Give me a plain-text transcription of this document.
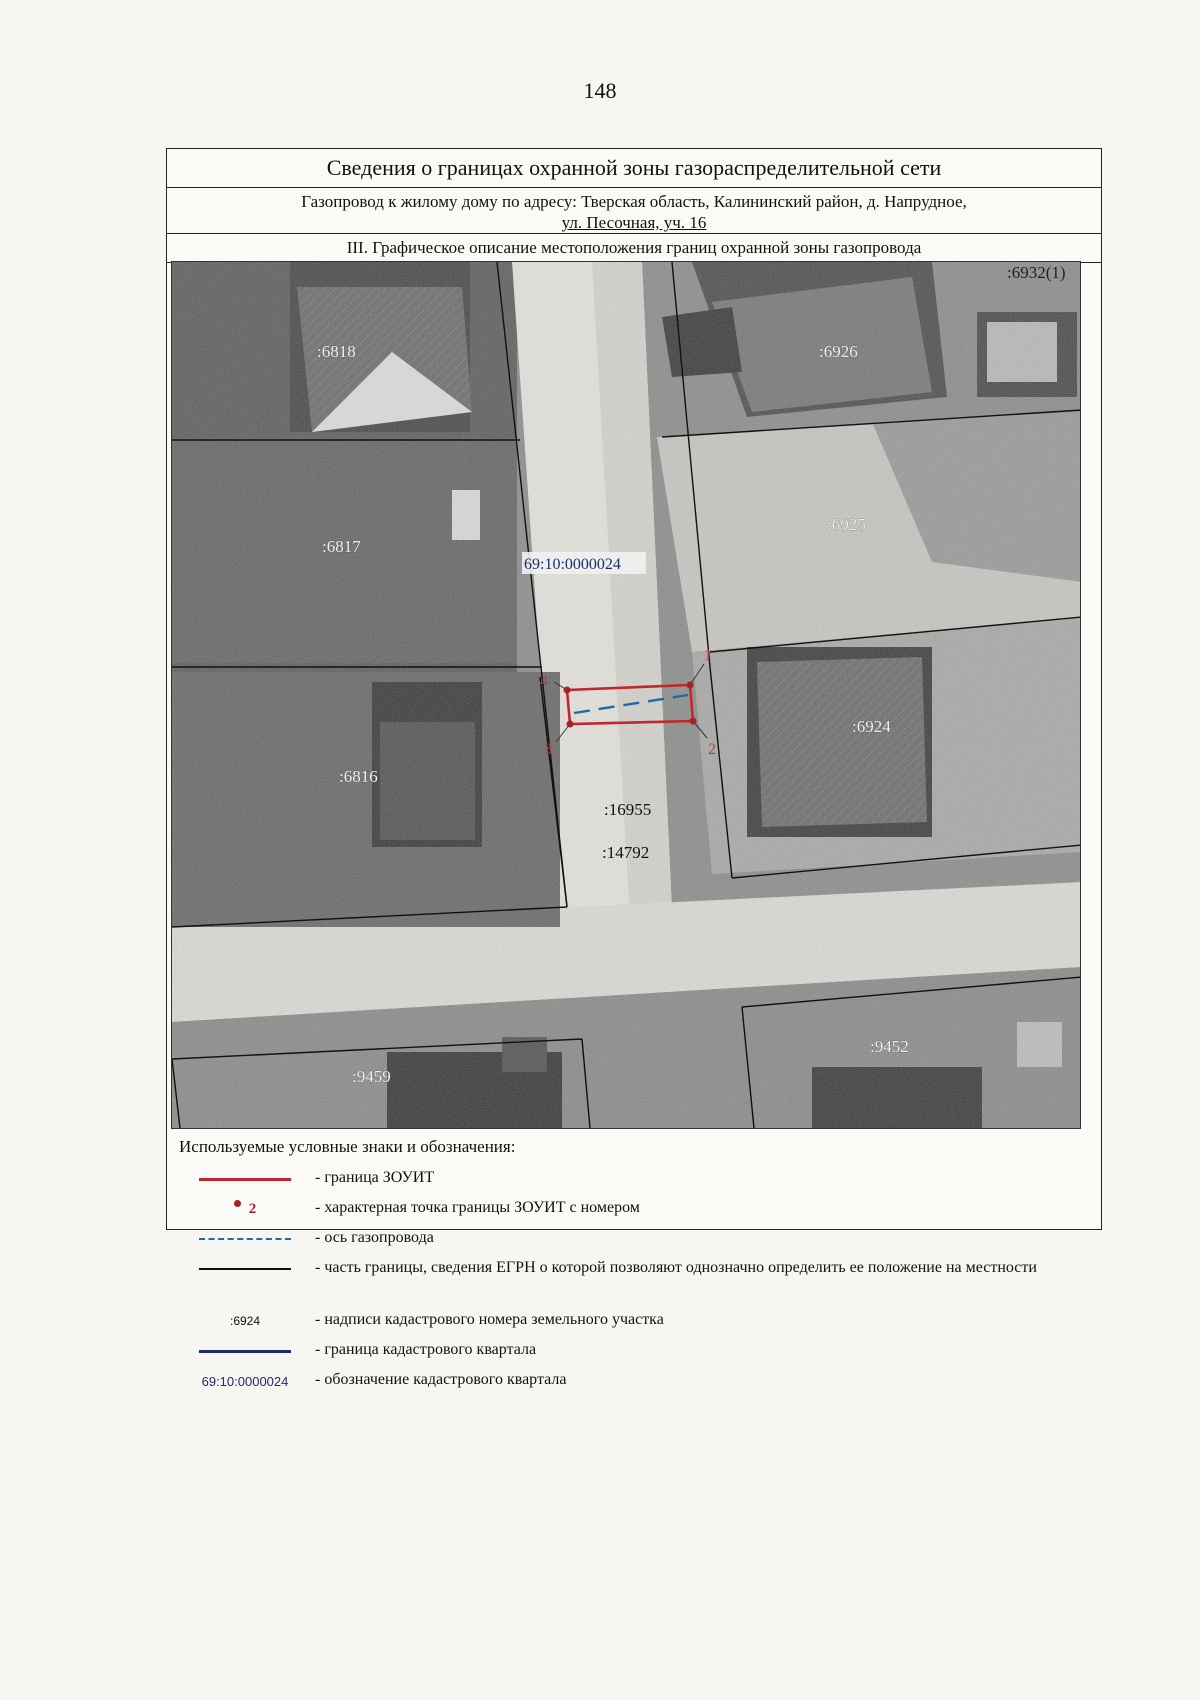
148
Сведения о границах охранной зоны газораспределительной сети
Газопровод к жилому дому по адресу: Тверская область, Калининский район, д. Напрудное,
ул. Песочная, уч. 16
III. Графическое описание местоположения границ охранной зоны газопровода
1
2
3
4
69:10:0000024
:6818	:6926
:6932(1)
:6817
:6925
:6816
:6924
:16955
:14792
:9459
:9452
Используемые условные знаки и обозначения:
- граница ЗОУИТ
2	- характерная точка границы ЗОУИТ с номером
- ось газопровода
- часть границы, сведения ЕГРН о которой позволяют однозначно определить ее положение на местности
:6924	- надписи кадастрового номера земельного участка
- граница кадастрового квартала
69:10:0000024 - обозначение кадастрового квартала
